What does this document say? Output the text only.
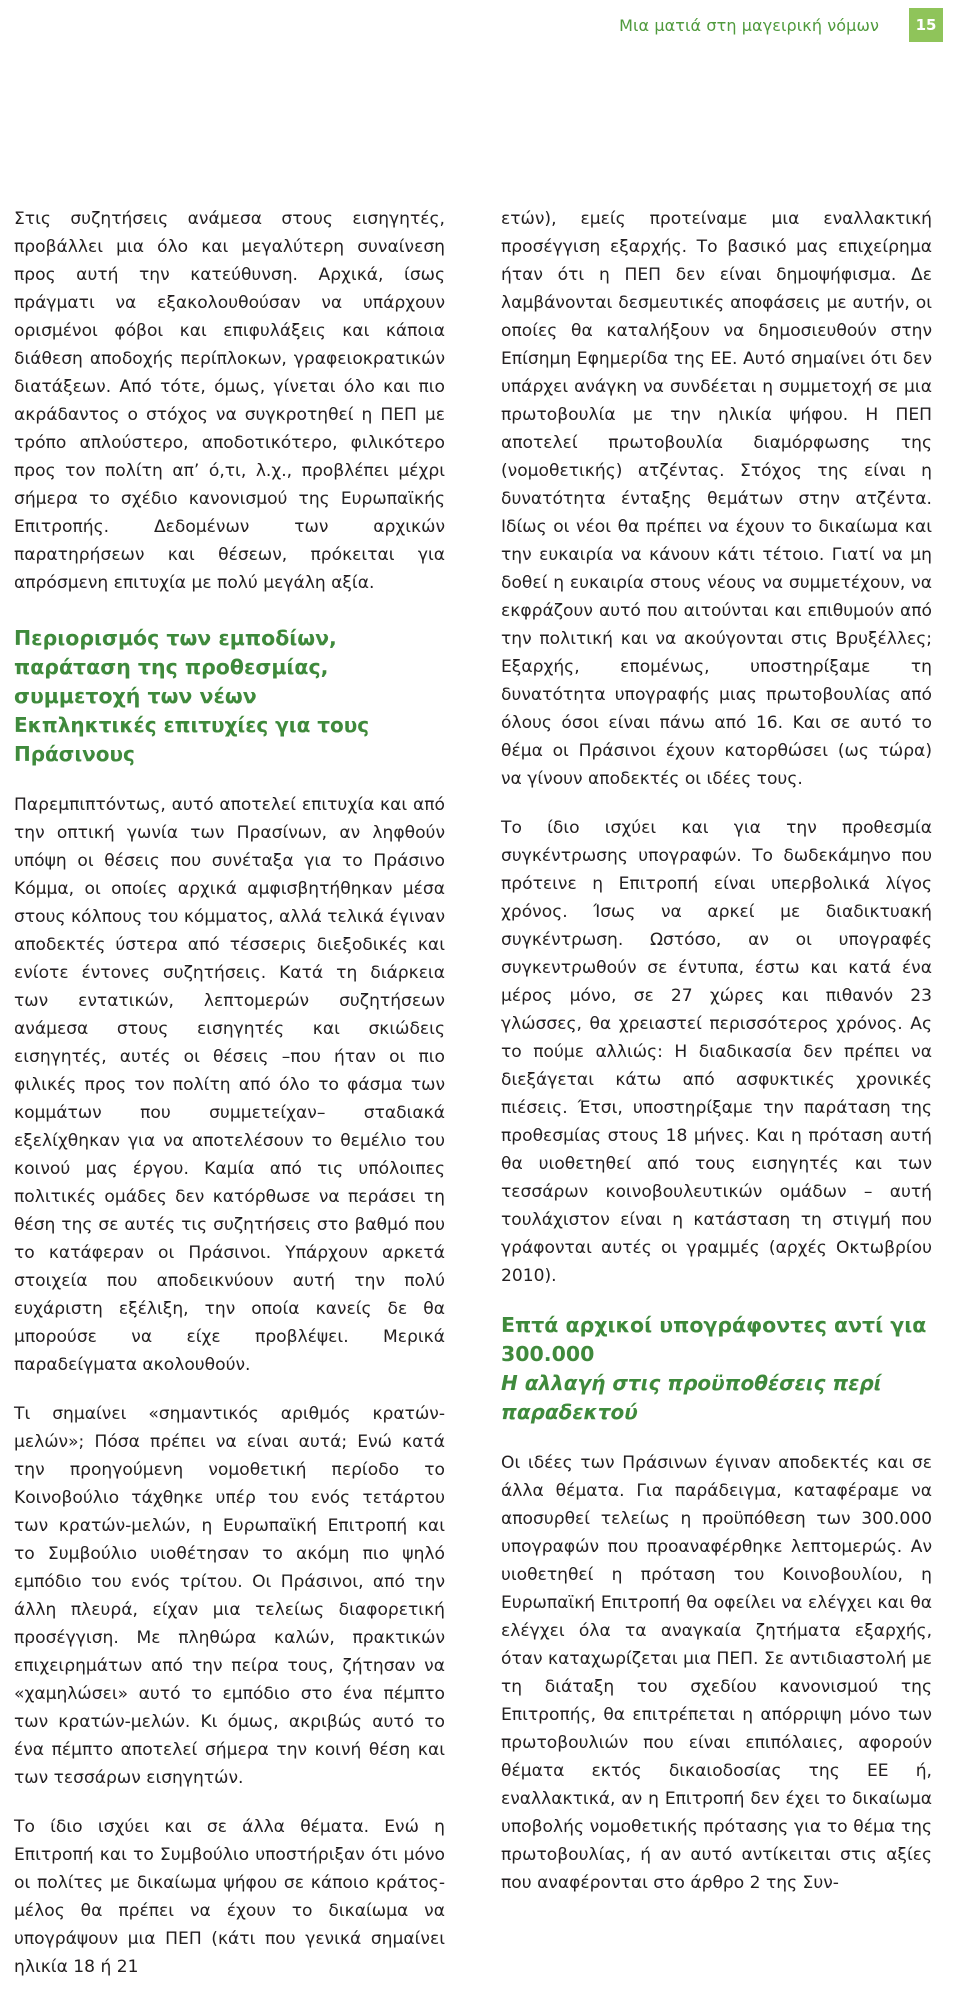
Μια ματιά στη μαγειρική νόμων	15

Στις συζητήσεις ανάμεσα στους εισηγητές, προβάλλει μια όλο και μεγαλύτερη συναίνεση προς αυτή την κατεύθυνση. Αρχικά, ίσως πράγματι να εξακολουθούσαν να υπάρχουν ορισμένοι φόβοι και επιφυλάξεις και κάποια διάθεση αποδοχής περίπλοκων, γραφειοκρατικών διατάξεων. Από τότε, όμως, γίνεται όλο και πιο ακράδαντος ο στόχος να συγκροτηθεί η ΠΕΠ με τρόπο απλούστερο, αποδοτικότερο, φιλικότερο προς τον πολίτη απ’ ό,τι, λ.χ., προβλέπει μέχρι σήμερα το σχέδιο κανονισμού της Ευρωπαϊκής Επιτροπής. Δεδομένων των αρχικών παρατηρήσεων και θέσεων, πρόκειται για απρόσμενη επιτυχία με πολύ μεγάλη αξία.

Περιορισμός των εμποδίων, παράταση της προθεσμίας, συμμετοχή των νέων
Εκπληκτικές επιτυχίες για τους Πράσινους

Παρεμπιπτόντως, αυτό αποτελεί επιτυχία και από την οπτική γωνία των Πρασίνων, αν ληφθούν υπόψη οι θέσεις που συνέταξα για το Πράσινο Κόμμα, οι οποίες αρχικά αμφισβητήθηκαν μέσα στους κόλπους του κόμματος, αλλά τελικά έγιναν αποδεκτές ύστερα από τέσσερις διεξοδικές και ενίοτε έντονες συζητήσεις. Κατά τη διάρκεια των εντατικών, λεπτομερών συζητήσεων ανάμεσα στους εισηγητές και σκιώδεις εισηγητές, αυτές οι θέσεις –που ήταν οι πιο φιλικές προς τον πολίτη από όλο το φάσμα των κομμάτων που συμμετείχαν– σταδιακά εξελίχθηκαν για να αποτελέσουν το θεμέλιο του κοινού μας έργου. Καμία από τις υπόλοιπες πολιτικές ομάδες δεν κατόρθωσε να περάσει τη θέση της σε αυτές τις συζητήσεις στο βαθμό που το κατάφεραν οι Πράσινοι. Υπάρχουν αρκετά στοιχεία που αποδεικνύουν αυτή την πολύ ευχάριστη εξέλιξη, την οποία κανείς δε θα μπορούσε να είχε προβλέψει. Μερικά παραδείγματα ακολουθούν.

Τι σημαίνει «σημαντικός αριθμός κρατών-μελών»; Πόσα πρέπει να είναι αυτά; Ενώ κατά την προηγούμενη νομοθετική περίοδο το Κοινοβούλιο τάχθηκε υπέρ του ενός τετάρτου των κρατών-μελών, η Ευρωπαϊκή Επιτροπή και το Συμβούλιο υιοθέτησαν το ακόμη πιο ψηλό εμπόδιο του ενός τρίτου. Οι Πράσινοι, από την άλλη πλευρά, είχαν μια τελείως διαφορετική προσέγγιση. Με πληθώρα καλών, πρακτικών επιχειρημάτων από την πείρα τους, ζήτησαν να «χαμηλώσει» αυτό το εμπόδιο στο ένα πέμπτο των κρατών-μελών. Κι όμως, ακριβώς αυτό το ένα πέμπτο αποτελεί σήμερα την κοινή θέση και των τεσσάρων εισηγητών.

Το ίδιο ισχύει και σε άλλα θέματα. Ενώ η Επιτροπή και το Συμβούλιο υποστήριξαν ότι μόνο οι πολίτες με δικαίωμα ψήφου σε κάποιο κράτος-μέλος θα πρέπει να έχουν το δικαίωμα να υπογράψουν μια ΠΕΠ (κάτι που γενικά σημαίνει ηλικία 18 ή 21

ετών), εμείς προτείναμε μια εναλλακτική προσέγγιση εξαρχής. Το βασικό μας επιχείρημα ήταν ότι η ΠΕΠ δεν είναι δημοψήφισμα. Δε λαμβάνονται δεσμευτικές αποφάσεις με αυτήν, οι οποίες θα καταλήξουν να δημοσιευθούν στην Επίσημη Εφημερίδα της ΕΕ. Αυτό σημαίνει ότι δεν υπάρχει ανάγκη να συνδέεται η συμμετοχή σε μια πρωτοβουλία με την ηλικία ψήφου. Η ΠΕΠ αποτελεί πρωτοβουλία διαμόρφωσης της (νομοθετικής) ατζέντας. Στόχος της είναι η δυνατότητα ένταξης θεμάτων στην ατζέντα. Ιδίως οι νέοι θα πρέπει να έχουν το δικαίωμα και την ευκαιρία να κάνουν κάτι τέτοιο. Γιατί να μη δοθεί η ευκαιρία στους νέους να συμμετέχουν, να εκφράζουν αυτό που αιτούνται και επιθυμούν από την πολιτική και να ακούγονται στις Βρυξέλλες; Εξαρχής, επομένως, υποστηρίξαμε τη δυνατότητα υπογραφής μιας πρωτοβουλίας από όλους όσοι είναι πάνω από 16. Και σε αυτό το θέμα οι Πράσινοι έχουν κατορθώσει (ως τώρα) να γίνουν αποδεκτές οι ιδέες τους.

Το ίδιο ισχύει και για την προθεσμία συγκέντρωσης υπογραφών. Το δωδεκάμηνο που πρότεινε η Επιτροπή είναι υπερβολικά λίγος χρόνος. Ίσως να αρκεί με διαδικτυακή συγκέντρωση. Ωστόσο, αν οι υπογραφές συγκεντρωθούν σε έντυπα, έστω και κατά ένα μέρος μόνο, σε 27 χώρες και πιθανόν 23 γλώσσες, θα χρειαστεί περισσότερος χρόνος. Ας το πούμε αλλιώς: Η διαδικασία δεν πρέπει να διεξάγεται κάτω από ασφυκτικές χρονικές πιέσεις. Έτσι, υποστηρίξαμε την παράταση της προθεσμίας στους 18 μήνες. Και η πρόταση αυτή θα υιοθετηθεί από τους εισηγητές και των τεσσάρων κοινοβουλευτικών ομάδων – αυτή τουλάχιστον είναι η κατάσταση τη στιγμή που γράφονται αυτές οι γραμμές (αρχές Οκτωβρίου 2010).

Επτά αρχικοί υπογράφοντες αντί για 300.000
Η αλλαγή στις προϋποθέσεις περί παραδεκτού

Οι ιδέες των Πράσινων έγιναν αποδεκτές και σε άλλα θέματα. Για παράδειγμα, καταφέραμε να αποσυρθεί τελείως η προϋπόθεση των 300.000 υπογραφών που προαναφέρθηκε λεπτομερώς. Αν υιοθετηθεί η πρόταση του Κοινοβουλίου, η Ευρωπαϊκή Επιτροπή θα οφείλει να ελέγχει και θα ελέγχει όλα τα αναγκαία ζητήματα εξαρχής, όταν καταχωρίζεται μια ΠΕΠ. Σε αντιδιαστολή με τη διάταξη του σχεδίου κανονισμού της Επιτροπής, θα επιτρέπεται η απόρριψη μόνο των πρωτοβουλιών που είναι επιπόλαιες, αφορούν θέματα εκτός δικαιοδοσίας της ΕΕ ή, εναλλακτικά, αν η Επιτροπή δεν έχει το δικαίωμα υποβολής νομοθετικής πρότασης για το θέμα της πρωτοβουλίας, ή αν αυτό αντίκειται στις αξίες που αναφέρονται στο άρθρο 2 της Συν-
